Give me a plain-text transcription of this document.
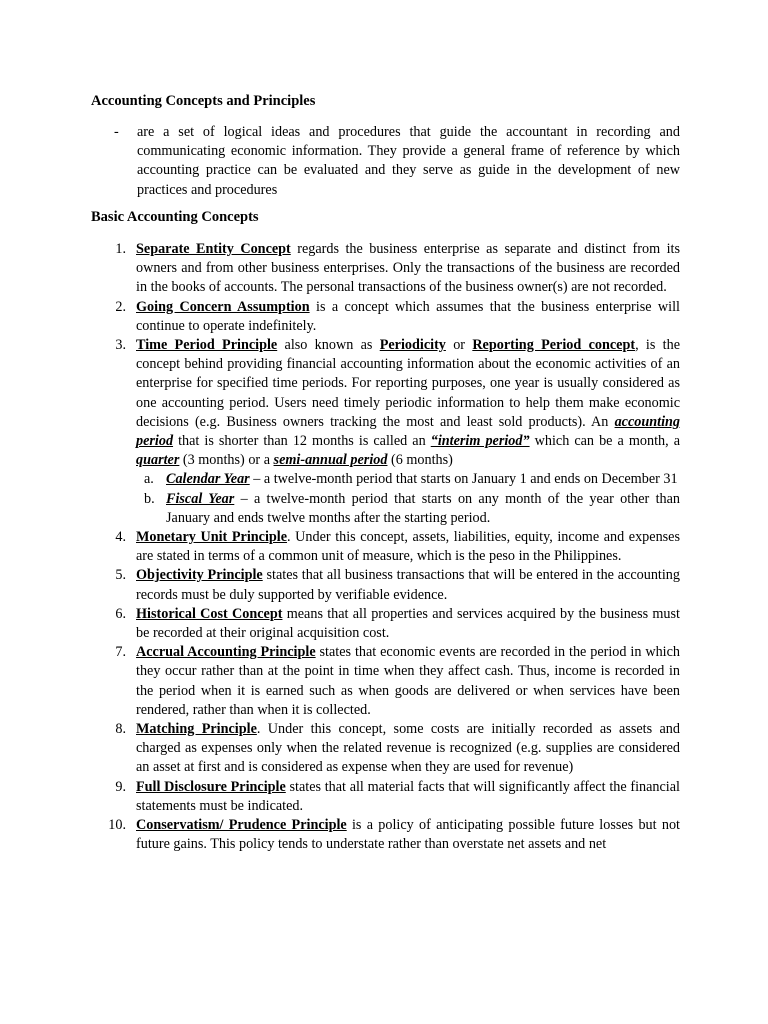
Accounting Concepts and Principles
- are a set of logical ideas and procedures that guide the accountant in recording and communicating economic information. They provide a general frame of reference by which accounting practice can be evaluated and they serve as guide in the development of new practices and procedures
Basic Accounting Concepts
1. Separate Entity Concept regards the business enterprise as separate and distinct from its owners and from other business enterprises. Only the transactions of the business are recorded in the books of accounts. The personal transactions of the business owner(s) are not recorded.
2. Going Concern Assumption is a concept which assumes that the business enterprise will continue to operate indefinitely.
3. Time Period Principle also known as Periodicity or Reporting Period concept, is the concept behind providing financial accounting information about the economic activities of an enterprise for specified time periods. For reporting purposes, one year is usually considered as one accounting period. Users need timely periodic information to help them make economic decisions (e.g. Business owners tracking the most and least sold products). An accounting period that is shorter than 12 months is called an “interim period” which can be a month, a quarter (3 months) or a semi-annual period (6 months)
a. Calendar Year – a twelve-month period that starts on January 1 and ends on December 31
b. Fiscal Year – a twelve-month period that starts on any month of the year other than January and ends twelve months after the starting period.
4. Monetary Unit Principle. Under this concept, assets, liabilities, equity, income and expenses are stated in terms of a common unit of measure, which is the peso in the Philippines.
5. Objectivity Principle states that all business transactions that will be entered in the accounting records must be duly supported by verifiable evidence.
6. Historical Cost Concept means that all properties and services acquired by the business must be recorded at their original acquisition cost.
7. Accrual Accounting Principle states that economic events are recorded in the period in which they occur rather than at the point in time when they affect cash. Thus, income is recorded in the period when it is earned such as when goods are delivered or when services have been rendered, rather than when it is collected.
8. Matching Principle. Under this concept, some costs are initially recorded as assets and charged as expenses only when the related revenue is recognized (e.g. supplies are considered an asset at first and is considered as expense when they are used for revenue)
9. Full Disclosure Principle states that all material facts that will significantly affect the financial statements must be indicated.
10. Conservatism/ Prudence Principle is a policy of anticipating possible future losses but not future gains. This policy tends to understate rather than overstate net assets and net
